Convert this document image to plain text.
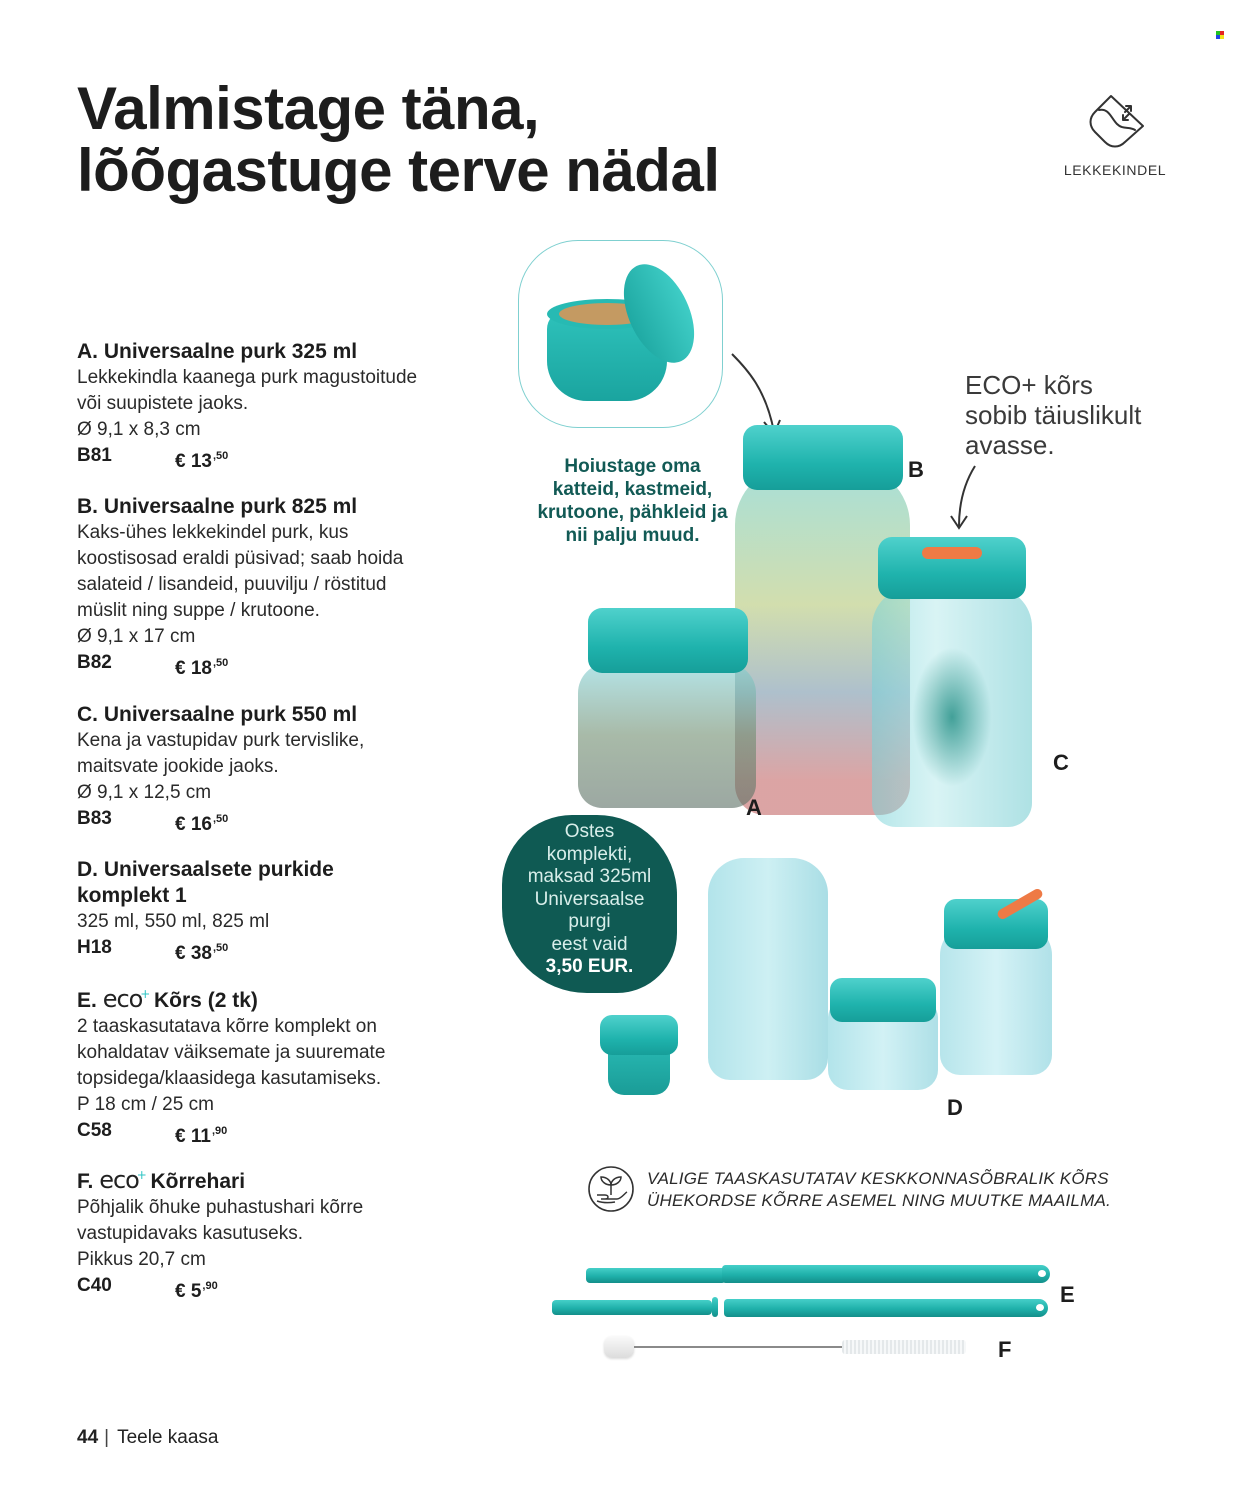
Valmistage täna,
lõõgastuge terve nädal	LEKKEKINDEL
A. Universaalne purk 325 ml
Lekkekindla kaanega purk magustoitude
või suupistete jaoks.
Ø 9,1 x 8,3 cm
B81	€ $13^{,50}$
B. Universaalne purk 825 ml
Kaks-ühes lekkekindel purk, kus
koostisosad eraldi püsivad; saab hoida
salateid / lisandeid, puuvilju / röstitud
müslit ning suppe / krutoone.
Ø 9,1 x 17 cm
B82	€ $18^{,50}$
C. Universaalne purk 550 ml
Kena ja vastupidav purk tervislike,
maitsvate jookide jaoks.
Ø 9,1 x 12,5 cm
B83	€ $16^{,50}$
D. Universaalsete purkide
komplekt 1
325 ml, 550 ml, 825 ml
H18	€ $38^{,50}$
E. eco
+ Kõrs (2 tk)
2 taaskasutatava kõrre komplekt on
kohaldatav väiksemate ja suuremate
topsidega/klaasidega kasutamiseks.
P 18 cm / 25 cm
C58	€ $11^{,90}$
F. eco
+ Kõrrehari
Põhjalik õhuke puhastushari kõrre
vastupidavaks kasutuseks.
Pikkus 20,7 cm
C40	€ $5^{,90}$
44 | Teele kaasa
Hoiustage oma
katteid, kastmeid,
krutoone, pähkleid ja
nii palju muud.
ECO+ kõrs
sobib täiuslikult
avasse.
B
A
C
Ostes
komplekti,
maksad 325ml
Universaalse
purgi
eest vaid
3,50 EUR.
D
VALIGE TAASKASUTATAV KESKKONNASÕBRALIK KÕRS
ÜHEKORDSE KÕRRE ASEMEL NING MUUTKE MAAILMA.
E
F
